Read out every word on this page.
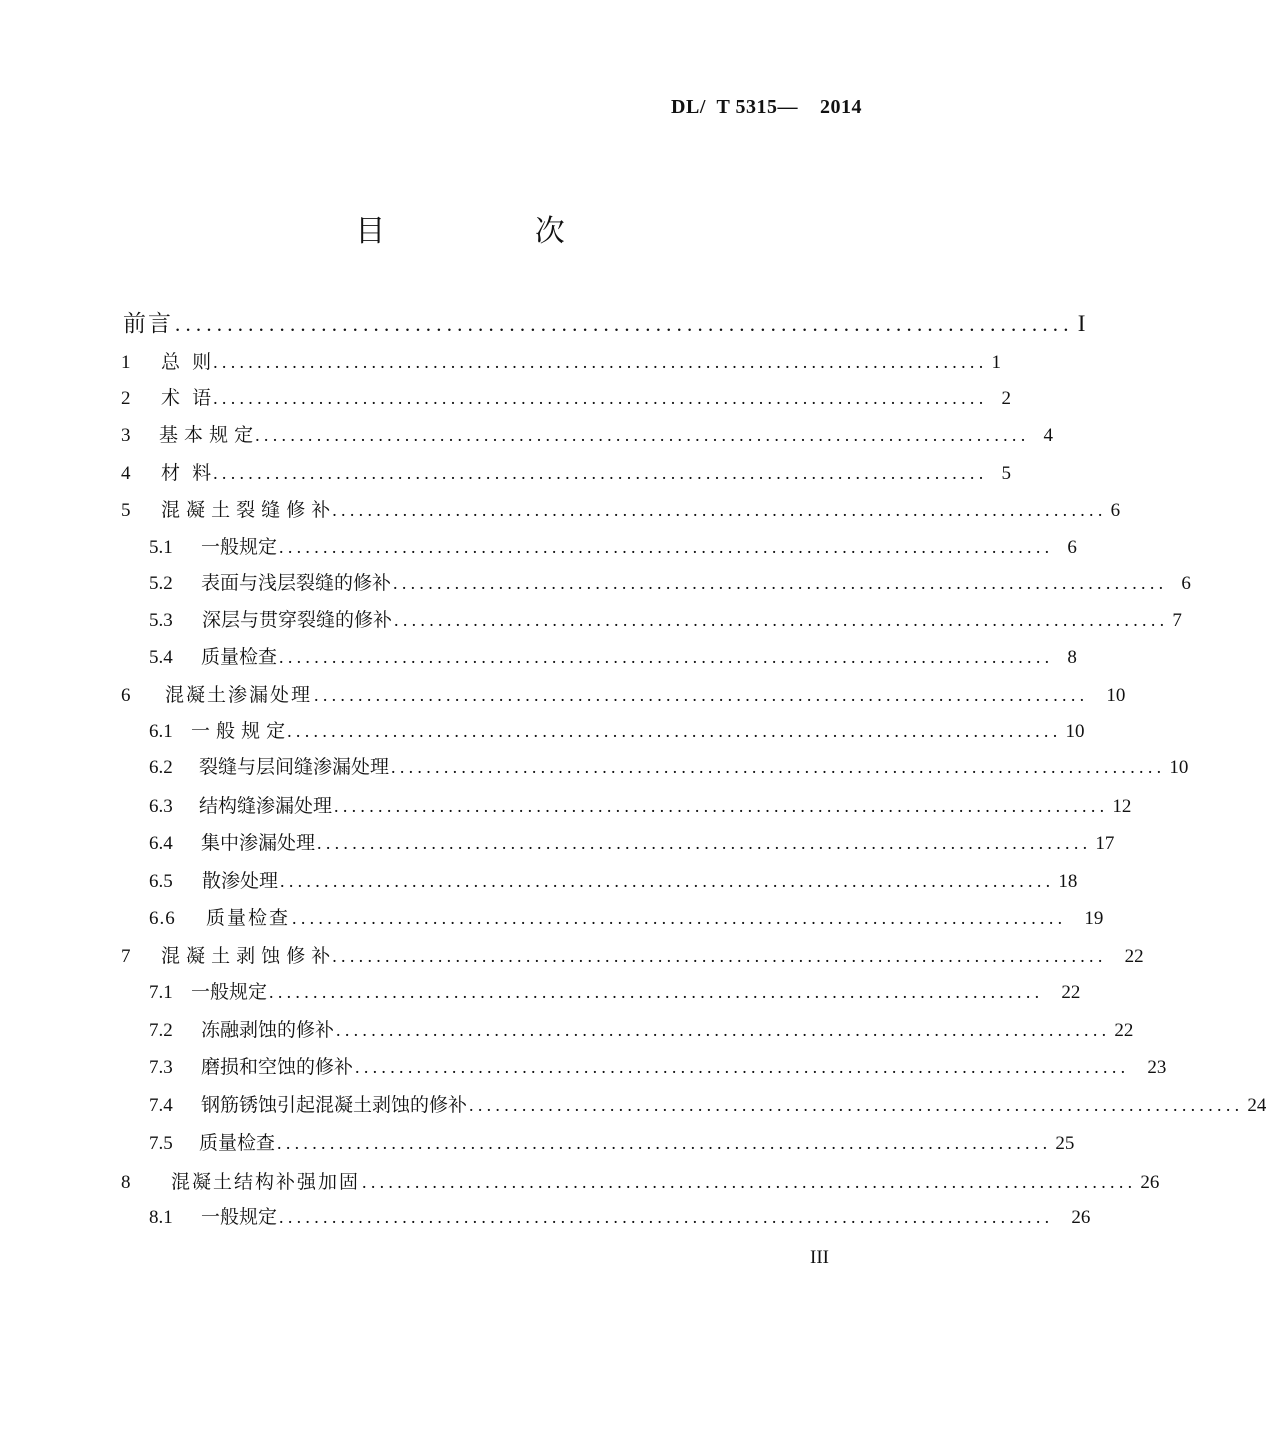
DL/  T 5315—    2014
目 次
前言 ...................................................................................... I
1	总  则 ........................................................................................ 1
2	术  语 ........................................................................................ 2
3	基 本 规 定 ........................................................................................ 4
4	材  料 ........................................................................................ 5
5	混 凝 土 裂 缝 修 补 ........................................................................................ 6
5.1	一般规定 ........................................................................................ 6
5.2	表面与浅层裂缝的修补 ........................................................................................ 6
5.3	深层与贯穿裂缝的修补 ........................................................................................ 7
5.4	质量检查 ........................................................................................ 8
6	混凝土渗漏处理 ........................................................................................ 10
6.1 一 般 规 定 ........................................................................................ 10
6.2	裂缝与层间缝渗漏处理 ........................................................................................ 10
6.3	结构缝渗漏处理 ........................................................................................ 12
6.4	集中渗漏处理 ........................................................................................ 17
6.5	散渗处理 ........................................................................................ 18
6.6	质量检查 ........................................................................................ 19
7	混 凝 土 剥 蚀 修 补 ........................................................................................ 22
7.1 一般规定 ........................................................................................ 22
7.2	冻融剥蚀的修补 ........................................................................................ 22
7.3	磨损和空蚀的修补 ........................................................................................ 23
7.4	钢筋锈蚀引起混凝土剥蚀的修补 ........................................................................................ 24
7.5	质量检查 ........................................................................................ 25
8	混凝土结构补强加固 ........................................................................................ 26
8.1	一般规定 ........................................................................................ 26
III
